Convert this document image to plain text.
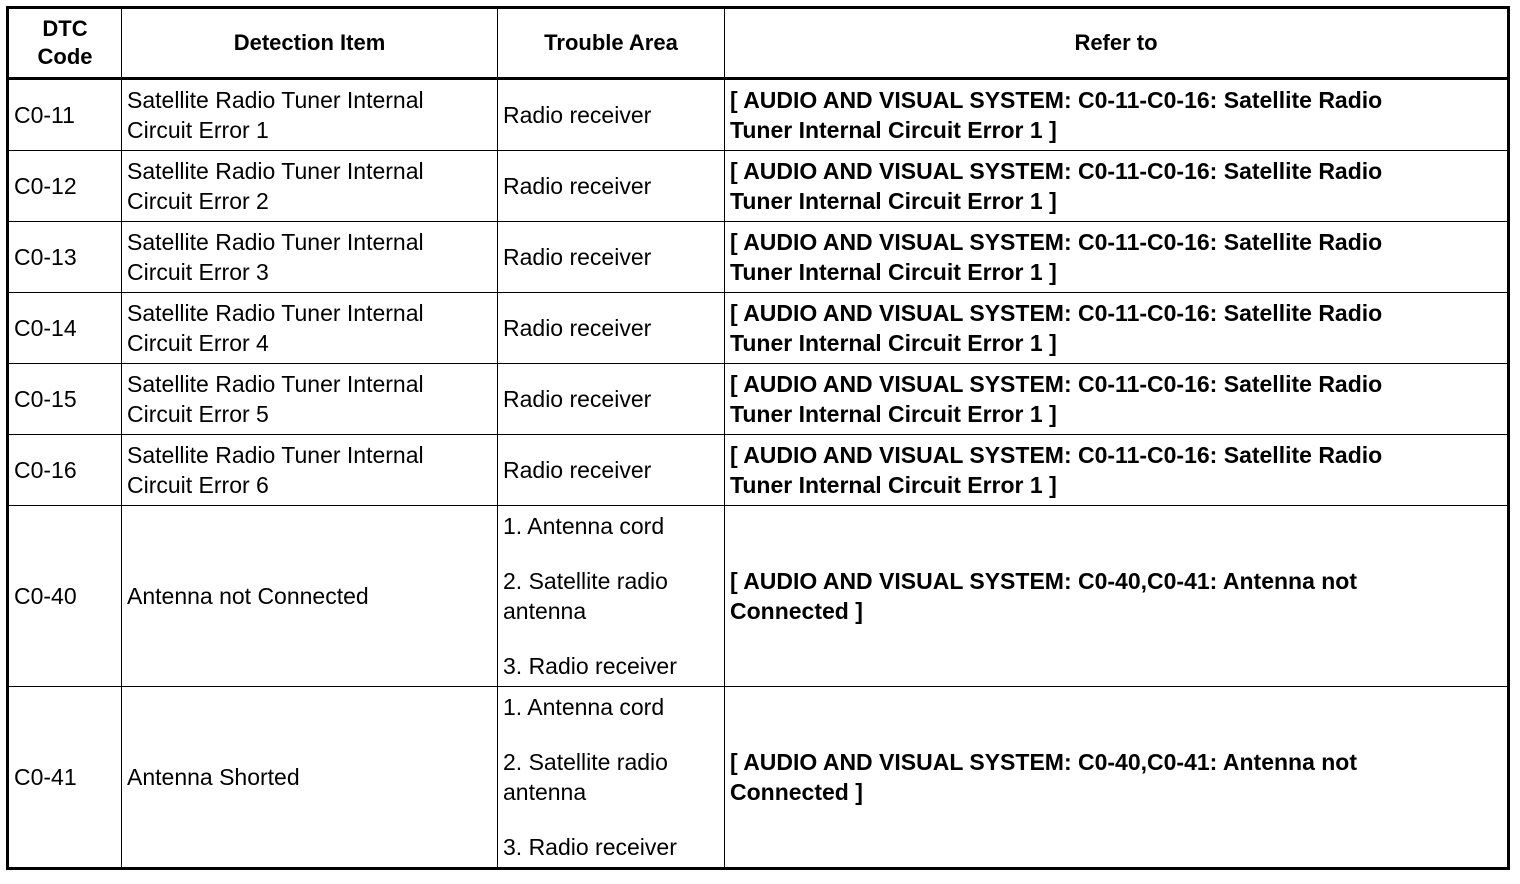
DTC
Code	Detection Item	Trouble Area	Refer to
C0-11	Satellite Radio Tuner Internal
Circuit Error 1	Radio receiver	[ AUDIO AND VISUAL SYSTEM: C0-11-C0-16: Satellite Radio
Tuner Internal Circuit Error 1 ]
C0-12	Satellite Radio Tuner Internal
Circuit Error 2	Radio receiver	[ AUDIO AND VISUAL SYSTEM: C0-11-C0-16: Satellite Radio
Tuner Internal Circuit Error 1 ]
C0-13	Satellite Radio Tuner Internal
Circuit Error 3	Radio receiver	[ AUDIO AND VISUAL SYSTEM: C0-11-C0-16: Satellite Radio
Tuner Internal Circuit Error 1 ]
C0-14	Satellite Radio Tuner Internal
Circuit Error 4	Radio receiver	[ AUDIO AND VISUAL SYSTEM: C0-11-C0-16: Satellite Radio
Tuner Internal Circuit Error 1 ]
C0-15	Satellite Radio Tuner Internal
Circuit Error 5	Radio receiver	[ AUDIO AND VISUAL SYSTEM: C0-11-C0-16: Satellite Radio
Tuner Internal Circuit Error 1 ]
C0-16	Satellite Radio Tuner Internal
Circuit Error 6	Radio receiver	[ AUDIO AND VISUAL SYSTEM: C0-11-C0-16: Satellite Radio
Tuner Internal Circuit Error 1 ]
C0-40	Antenna not Connected	1. Antenna cord
2. Satellite radio
antenna
3. Radio receiver	[ AUDIO AND VISUAL SYSTEM: C0-40,C0-41: Antenna not
Connected ]
C0-41	Antenna Shorted	1. Antenna cord
2. Satellite radio
antenna
3. Radio receiver	[ AUDIO AND VISUAL SYSTEM: C0-40,C0-41: Antenna not
Connected ]
